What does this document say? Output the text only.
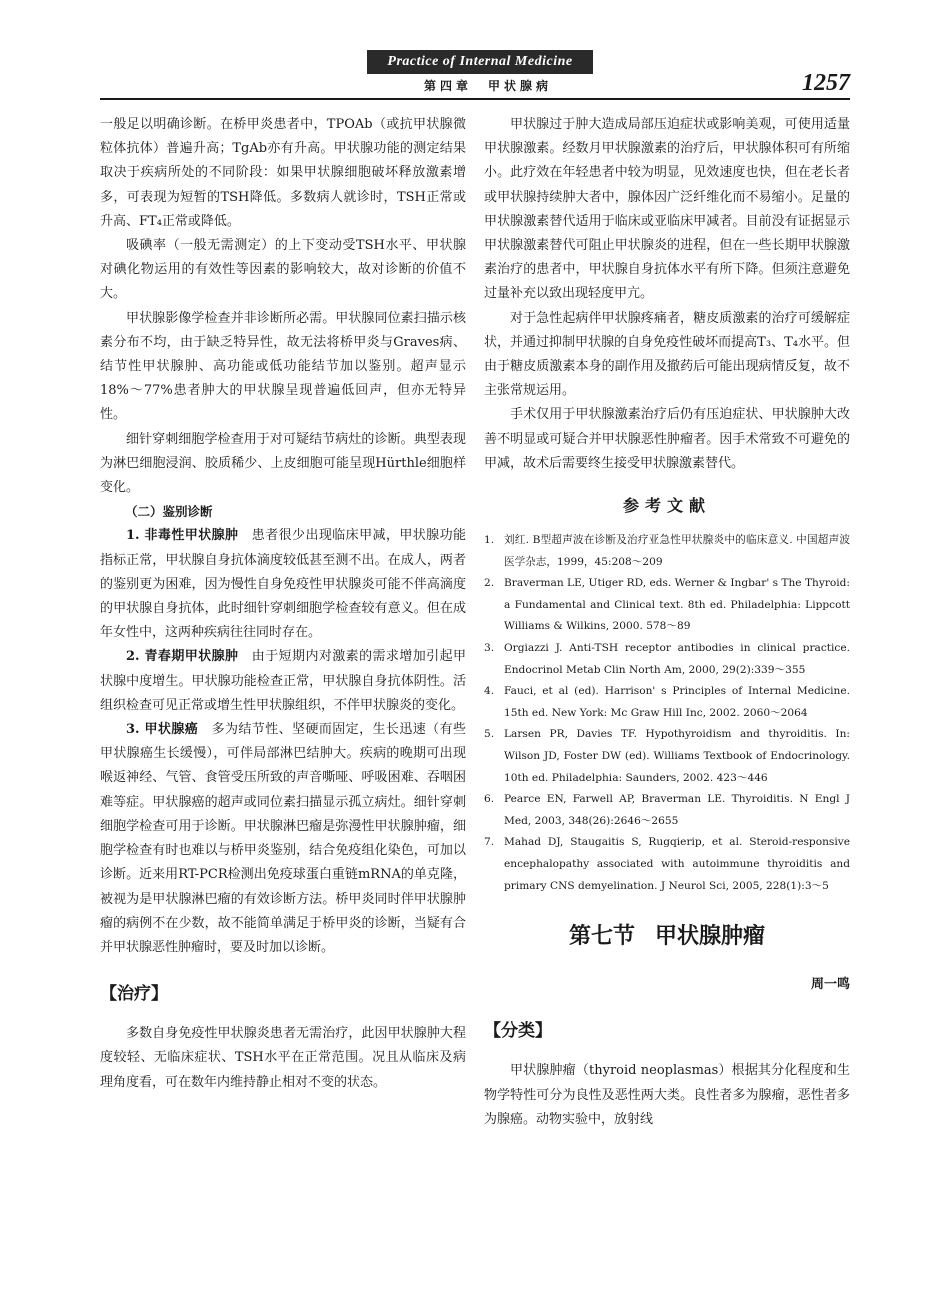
Practice of Internal Medicine
第四章　甲状腺病	1257

一般足以明确诊断。在桥甲炎患者中，TPOAb（或抗甲状腺微粒体抗体）普遍升高；TgAb亦有升高。甲状腺功能的测定结果取决于疾病所处的不同阶段：如果甲状腺细胞破坏释放激素增多，可表现为短暂的TSH降低。多数病人就诊时，TSH正常或升高、FT₄正常或降低。

吸碘率（一般无需测定）的上下变动受TSH水平、甲状腺对碘化物运用的有效性等因素的影响较大，故对诊断的价值不大。

甲状腺影像学检查并非诊断所必需。甲状腺同位素扫描示核素分布不均，由于缺乏特异性，故无法将桥甲炎与Graves病、结节性甲状腺肿、高功能或低功能结节加以鉴别。超声显示18%～77%患者肿大的甲状腺呈现普遍低回声，但亦无特异性。

细针穿刺细胞学检查用于对可疑结节病灶的诊断。典型表现为淋巴细胞浸润、胶质稀少、上皮细胞可能呈现Hürthle细胞样变化。

（二）鉴别诊断

1. 非毒性甲状腺肿　患者很少出现临床甲减，甲状腺功能指标正常，甲状腺自身抗体滴度较低甚至测不出。在成人，两者的鉴别更为困难，因为慢性自身免疫性甲状腺炎可能不伴高滴度的甲状腺自身抗体，此时细针穿刺细胞学检查较有意义。但在成年女性中，这两种疾病往往同时存在。

2. 青春期甲状腺肿　由于短期内对激素的需求增加引起甲状腺中度增生。甲状腺功能检查正常，甲状腺自身抗体阴性。活组织检查可见正常或增生性甲状腺组织，不伴甲状腺炎的变化。

3. 甲状腺癌　多为结节性、坚硬而固定，生长迅速（有些甲状腺癌生长缓慢），可伴局部淋巴结肿大。疾病的晚期可出现喉返神经、气管、食管受压所致的声音嘶哑、呼吸困难、吞咽困难等症。甲状腺癌的超声或同位素扫描显示孤立病灶。细针穿刺细胞学检查可用于诊断。甲状腺淋巴瘤是弥漫性甲状腺肿瘤，细胞学检查有时也难以与桥甲炎鉴别，结合免疫组化染色，可加以诊断。近来用RT-PCR检测出免疫球蛋白重链mRNA的单克隆，被视为是甲状腺淋巴瘤的有效诊断方法。桥甲炎同时伴甲状腺肿瘤的病例不在少数，故不能简单满足于桥甲炎的诊断，当疑有合并甲状腺恶性肿瘤时，要及时加以诊断。

【治疗】

多数自身免疫性甲状腺炎患者无需治疗，此因甲状腺肿大程度较轻、无临床症状、TSH水平在正常范围。况且从临床及病理角度看，可在数年内维持静止相对不变的状态。

甲状腺过于肿大造成局部压迫症状或影响美观，可使用适量甲状腺激素。经数月甲状腺激素的治疗后，甲状腺体积可有所缩小。此疗效在年轻患者中较为明显，见效速度也快，但在老长者或甲状腺持续肿大者中，腺体因广泛纤维化而不易缩小。足量的甲状腺激素替代适用于临床或亚临床甲减者。目前没有证据显示甲状腺激素替代可阻止甲状腺炎的进程，但在一些长期甲状腺激素治疗的患者中，甲状腺自身抗体水平有所下降。但须注意避免过量补充以致出现轻度甲亢。

对于急性起病伴甲状腺疼痛者，糖皮质激素的治疗可缓解症状，并通过抑制甲状腺的自身免疫性破坏而提高T₃、T₄水平。但由于糖皮质激素本身的副作用及撤药后可能出现病情反复，故不主张常规运用。

手术仅用于甲状腺激素治疗后仍有压迫症状、甲状腺肿大改善不明显或可疑合并甲状腺恶性肿瘤者。因手术常致不可避免的甲减，故术后需要终生接受甲状腺激素替代。

参考文献
1. 刘红. B型超声波在诊断及治疗亚急性甲状腺炎中的临床意义. 中国超声波医学杂志，1999，45:208～209
2. Braverman LE, Utiger RD, eds. Werner & Ingbar' s The Thyroid: a Fundamental and Clinical text. 8th ed. Philadelphia: Lippcott Williams & Wilkins, 2000. 578～89
3. Orgiazzi J. Anti-TSH receptor antibodies in clinical practice. Endocrinol Metab Clin North Am, 2000, 29(2):339～355
4. Fauci, et al (ed). Harrison' s Principles of Internal Medicine. 15th ed. New York: Mc Graw Hill Inc, 2002. 2060～2064
5. Larsen PR, Davies TF. Hypothyroidism and thyroiditis. In: Wilson JD, Foster DW (ed). Williams Textbook of Endocrinology. 10th ed. Philadelphia: Saunders, 2002. 423～446
6. Pearce EN, Farwell AP, Braverman LE. Thyroiditis. N Engl J Med, 2003, 348(26):2646～2655
7. Mahad DJ, Staugaitis S, Rugqierip, et al. Steroid-responsive encephalopathy associated with autoimmune thyroiditis and primary CNS demyelination. J Neurol Sci, 2005, 228(1):3～5
第七节 甲状腺肿瘤
周一鸣
【分类】

甲状腺肿瘤（thyroid neoplasmas）根据其分化程度和生物学特性可分为良性及恶性两大类。良性者多为腺瘤，恶性者多为腺癌。动物实验中，放射线
